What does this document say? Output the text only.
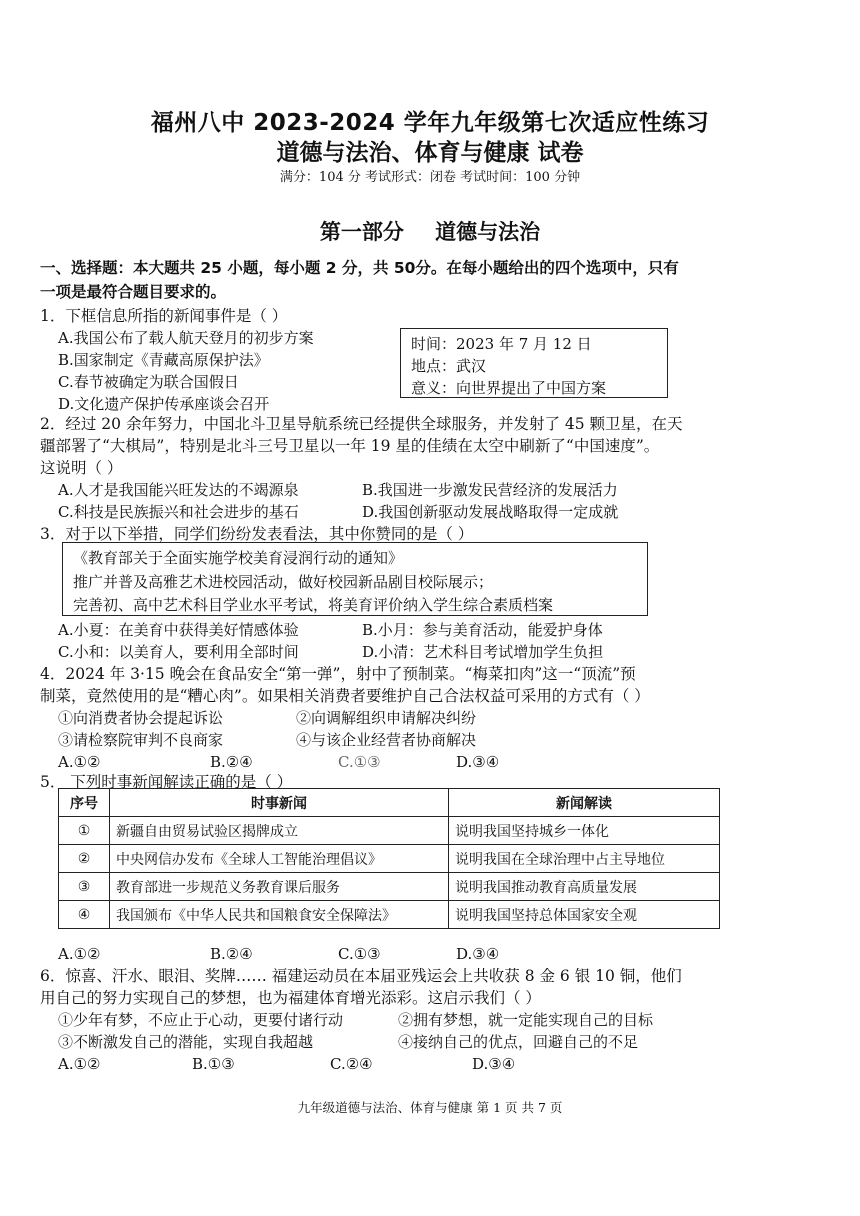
福州八中 2023-2024 学年九年级第七次适应性练习
道德与法治、体育与健康 试卷
满分：104 分 考试形式：闭卷 考试时间：100 分钟
第一部分 道德与法治
一、选择题：本大题共 25 小题，每小题 2 分，共 50分。在每小题给出的四个选项中，只有
一项是最符合题目要求的。
1．下框信息所指的新闻事件是（ ）
A.我国公布了载人航天登月的初步方案
B.国家制定《青藏高原保护法》
C.春节被确定为联合国假日
D.文化遗产保护传承座谈会召开
时间：2023 年 7 月 12 日
地点：武汉
意义：向世界提出了中国方案
2．经过 20 余年努力，中国北斗卫星导航系统已经提供全球服务，并发射了 45 颗卫星，在天
疆部署了“大棋局”，特别是北斗三号卫星以一年 19 星的佳绩在太空中刷新了“中国速度”。
这说明（ ）
A.人才是我国能兴旺发达的不竭源泉	B.我国进一步激发民营经济的发展活力
C.科技是民族振兴和社会进步的基石	D.我国创新驱动发展战略取得一定成就
3．对于以下举措，同学们纷纷发表看法，其中你赞同的是（ ）
《教育部关于全面实施学校美育浸润行动的通知》
推广并普及高雅艺术进校园活动，做好校园新品剧目校际展示；
完善初、高中艺术科目学业水平考试，将美育评价纳入学生综合素质档案
A.小夏：在美育中获得美好情感体验	B.小月：参与美育活动，能爱护身体
C.小和：以美育人，要利用全部时间	D.小清：艺术科目考试增加学生负担
4．2024 年 3·15 晚会在食品安全“第一弹”，射中了预制菜。“梅菜扣肉”这一“顶流”预
制菜，竟然使用的是“糟心肉”。如果相关消费者要维护自己合法权益可采用的方式有（ ）
①向消费者协会提起诉讼	②向调解组织申请解决纠纷
③请检察院审判不良商家	④与该企业经营者协商解决
A.①②	B.②④	C.①③	D.③④
5． 下列时事新闻解读正确的是（ ）
序号	时事新闻	新闻解读
①	新疆自由贸易试验区揭牌成立	说明我国坚持城乡一体化
②	中央网信办发布《全球人工智能治理倡议》	说明我国在全球治理中占主导地位
③	教育部进一步规范义务教育课后服务	说明我国推动教育高质量发展
④	我国颁布《中华人民共和国粮食安全保障法》	说明我国坚持总体国家安全观
A.①②	B.②④	C.①③	D.③④
6．惊喜、汗水、眼泪、奖牌…… 福建运动员在本届亚残运会上共收获 8 金 6 银 10 铜，他们
用自己的努力实现自己的梦想，也为福建体育增光添彩。这启示我们（ ）
①少年有梦，不应止于心动，更要付诸行动	②拥有梦想，就一定能实现自己的目标
③不断激发自己的潜能，实现自我超越	④接纳自己的优点，回避自己的不足
A.①②	B.①③	C.②④	D.③④
九年级道德与法治、体育与健康 第 1 页 共 7 页
